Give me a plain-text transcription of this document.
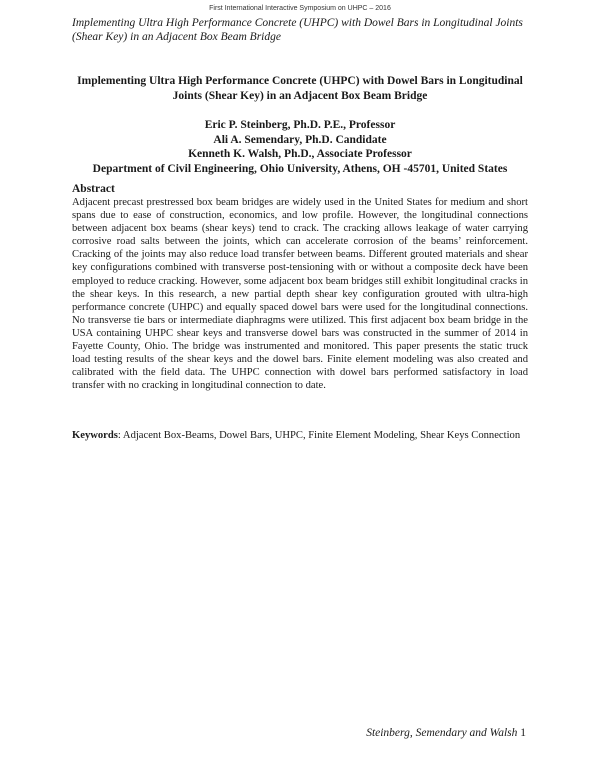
First International Interactive Symposium on UHPC – 2016
Implementing Ultra High Performance Concrete (UHPC) with Dowel Bars in Longitudinal Joints (Shear Key) in an Adjacent Box Beam Bridge
Implementing Ultra High Performance Concrete (UHPC) with Dowel Bars in Longitudinal Joints (Shear Key) in an Adjacent Box Beam Bridge
Eric P. Steinberg, Ph.D. P.E., Professor
Ali A. Semendary, Ph.D. Candidate
Kenneth K. Walsh, Ph.D., Associate Professor
Department of Civil Engineering, Ohio University, Athens, OH -45701, United States
Abstract
Adjacent precast prestressed box beam bridges are widely used in the United States for medium and short spans due to ease of construction, economics, and low profile. However, the longitudinal connections between adjacent box beams (shear keys) tend to crack. The cracking allows leakage of water carrying corrosive road salts between the joints, which can accelerate corrosion of the beams’ reinforcement. Cracking of the joints may also reduce load transfer between beams. Different grouted materials and shear key configurations combined with transverse post-tensioning with or without a composite deck have been employed to reduce cracking. However, some adjacent box beam bridges still exhibit longitudinal cracks in the shear keys. In this research, a new partial depth shear key configuration grouted with ultra-high performance concrete (UHPC) and equally spaced dowel bars were used for the longitudinal connections. No transverse tie bars or intermediate diaphragms were utilized. This first adjacent box beam bridge in the USA containing UHPC shear keys and transverse dowel bars was constructed in the summer of 2014 in Fayette County, Ohio. The bridge was instrumented and monitored. This paper presents the static truck load testing results of the shear keys and the dowel bars. Finite element modeling was also created and calibrated with the field data. The UHPC connection with dowel bars performed satisfactory in load transfer with no cracking in longitudinal connection to date.
Keywords: Adjacent Box-Beams, Dowel Bars, UHPC, Finite Element Modeling, Shear Keys Connection
Steinberg, Semendary and Walsh 1
